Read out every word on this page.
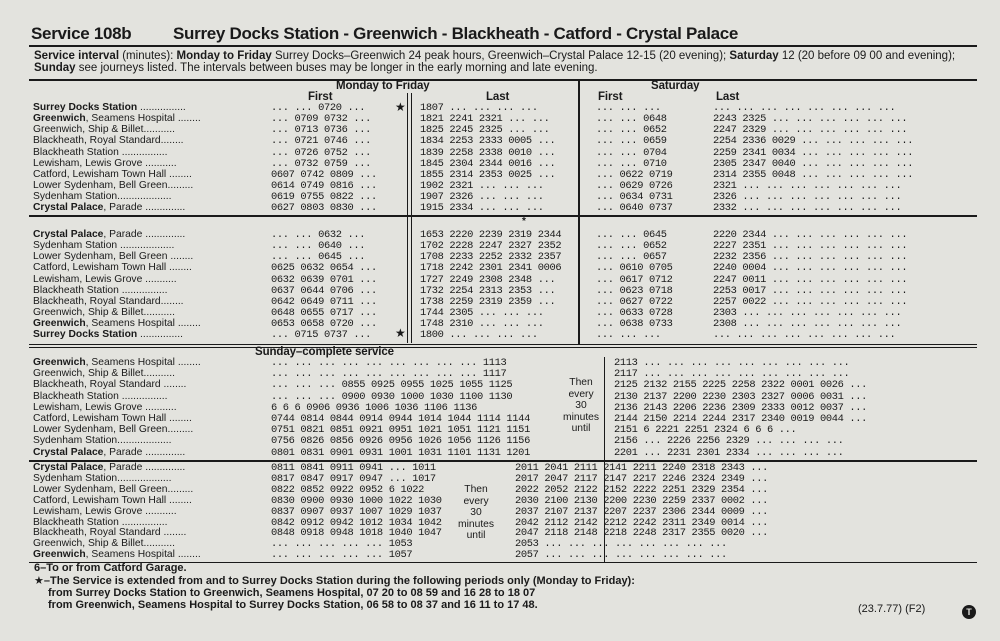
Service 108b Surrey Docks Station - Greenwich - Blackheath - Catford - Crystal Palace
Service interval (minutes): Monday to Friday Surrey Docks–Greenwich 24 peak hours, Greenwich–Crystal Palace 12-15 (20 evening); Saturday 12 (20 before 09 00 and evening); Sunday see journeys listed. The intervals between buses may be longer in the early morning and late evening.
Monday to Friday	Saturday
First	Last	First	Last
Sunday–complete service
★
★
*
Surrey Docks Station ................	... ... 0720 ...	1807 ... ... ... ...	... ... ...	... ... ... ... ... ... ... ...
Greenwich, Seamens Hospital ........	... 0709 0732 ...	1821 2241 2321 ... ...	... ... 0648	2243 2325 ... ... ... ... ... ...
Greenwich, Ship & Billet...........	... 0713 0736 ...	1825 2245 2325 ... ...	... ... 0652	2247 2329 ... ... ... ... ... ...
Blackheath, Royal Standard........	... 0721 0746 ...	1834 2253 2333 0005 ...	... ... 0659	2254 2336 0029 ... ... ... ... ...
Blackheath Station ................	... 0726 0752 ...	1839 2258 2338 0010 ...	... ... 0704	2259 2341 0034 ... ... ... ... ...
Lewisham, Lewis Grove ...........	... 0732 0759 ...	1845 2304 2344 0016 ...	... ... 0710	2305 2347 0040 ... ... ... ... ...
Catford, Lewisham Town Hall ........	0607 0742 0809 ...	1855 2314 2353 0025 ...	... 0622 0719	2314 2355 0048 ... ... ... ... ...
Lower Sydenham, Bell Green.........	0614 0749 0816 ...	1902 2321 ... ... ...	... 0629 0726	2321 ... ... ... ... ... ... ...
Sydenham Station...................	0619 0755 0822 ...	1907 2326 ... ... ...	... 0634 0731	2326 ... ... ... ... ... ... ...
Crystal Palace, Parade ..............	0627 0803 0830 ...	1915 2334 ... ... ...	... 0640 0737	2332 ... ... ... ... ... ... ...
Crystal Palace, Parade ..............	... ... 0632 ...	1653 2220 2239 2319 2344	... ... 0645	2220 2344 ... ... ... ... ... ...
Sydenham Station ...................	... ... 0640 ...	1702 2228 2247 2327 2352	... ... 0652	2227 2351 ... ... ... ... ... ...
Lower Sydenham, Bell Green ........	... ... 0645 ...	1708 2233 2252 2332 2357	... ... 0657	2232 2356 ... ... ... ... ... ...
Catford, Lewisham Town Hall ........	0625 0632 0654 ...	1718 2242 2301 2341 0006	... 0610 0705	2240 0004 ... ... ... ... ... ...
Lewisham, Lewis Grove ...........	0632 0639 0701 ...	1727 2249 2308 2348 ...	... 0617 0712	2247 0011 ... ... ... ... ... ...
Blackheath Station ................	0637 0644 0706 ...	1732 2254 2313 2353 ...	... 0623 0718	2253 0017 ... ... ... ... ... ...
Blackheath, Royal Standard........	0642 0649 0711 ...	1738 2259 2319 2359 ...	... 0627 0722	2257 0022 ... ... ... ... ... ...
Greenwich, Ship & Billet...........	0648 0655 0717 ...	1744 2305 ... ... ...	... 0633 0728	2303 ... ... ... ... ... ... ...
Greenwich, Seamens Hospital ........	0653 0658 0720 ...	1748 2310 ... ... ...	... 0638 0733	2308 ... ... ... ... ... ... ...
Surrey Docks Station ...............	... 0715 0737 ...	1800 ... ... ... ...	... ... ...	... ... ... ... ... ... ... ...
Greenwich, Seamens Hospital ........	... ... ... ... ... ... ... ... ... 1113	2113 ... ... ... ... ... ... ... ... ...
Greenwich, Ship & Billet...........	... ... ... ... ... ... ... ... ... 1117	2117 ... ... ... ... ... ... ... ... ...
Blackheath, Royal Standard ........	... ... ... 0855 0925 0955 1025 1055 1125	2125 2132 2155 2225 2258 2322 0001 0026 ...
Blackheath Station ................	... ... ... 0900 0930 1000 1030 1100 1130	2130 2137 2200 2230 2303 2327 0006 0031 ...
Lewisham, Lewis Grove ...........	6 6 6 0906 0936 1006 1036 1106 1136	2136 2143 2206 2236 2309 2333 0012 0037 ...
Catford, Lewisham Town Hall ........	0744 0814 0844 0914 0944 1014 1044 1114 1144	2144 2150 2214 2244 2317 2340 0019 0044 ...
Lower Sydenham, Bell Green.........	0751 0821 0851 0921 0951 1021 1051 1121 1151	2151 6 2221 2251 2324 6 6 6 ...
Sydenham Station...................	0756 0826 0856 0926 0956 1026 1056 1126 1156	2156 ... 2226 2256 2329 ... ... ... ...
Crystal Palace, Parade ..............	0801 0831 0901 0931 1001 1031 1101 1131 1201	2201 ... 2231 2301 2334 ... ... ... ...
Crystal Palace, Parade ..............	0811 0841 0911 0941 ... 1011	2011 2041 2111 2141 2211 2240 2318 2343 ...
Sydenham Station...................	0817 0847 0917 0947 ... 1017	2017 2047 2117 2147 2217 2246 2324 2349 ...
Lower Sydenham, Bell Green.........	0822 0852 0922 0952 6 1022	2022 2052 2122 2152 2222 2251 2329 2354 ...
Catford, Lewisham Town Hall ........	0830 0900 0930 1000 1022 1030	2030 2100 2130 2200 2230 2259 2337 0002 ...
Lewisham, Lewis Grove ...........	0837 0907 0937 1007 1029 1037	2037 2107 2137 2207 2237 2306 2344 0009 ...
Blackheath Station ................	0842 0912 0942 1012 1034 1042	2042 2112 2142 2212 2242 2311 2349 0014 ...
Blackheath, Royal Standard ........	0848 0918 0948 1018 1040 1047	2047 2118 2148 2218 2248 2317 2355 0020 ...
Greenwich, Ship & Billet...........	... ... ... ... ... 1053	2053 ... ... ... ... ... ... ... ...
Greenwich, Seamens Hospital ........	... ... ... ... ... 1057	2057 ... ... ... ... ... ... ... ...
Then
every
30
minutes
until
Then
every
30
minutes
until
6–To or from Catford Garage.
★–The Service is extended from and to Surrey Docks Station during the following periods only (Monday to Friday):
from Surrey Docks Station to Greenwich, Seamens Hospital, 07 20 to 08 59 and 16 28 to 18 07
from Greenwich, Seamens Hospital to Surrey Docks Station, 06 58 to 08 37 and 16 11 to 17 48.	(23.7.77) (F2)	T
